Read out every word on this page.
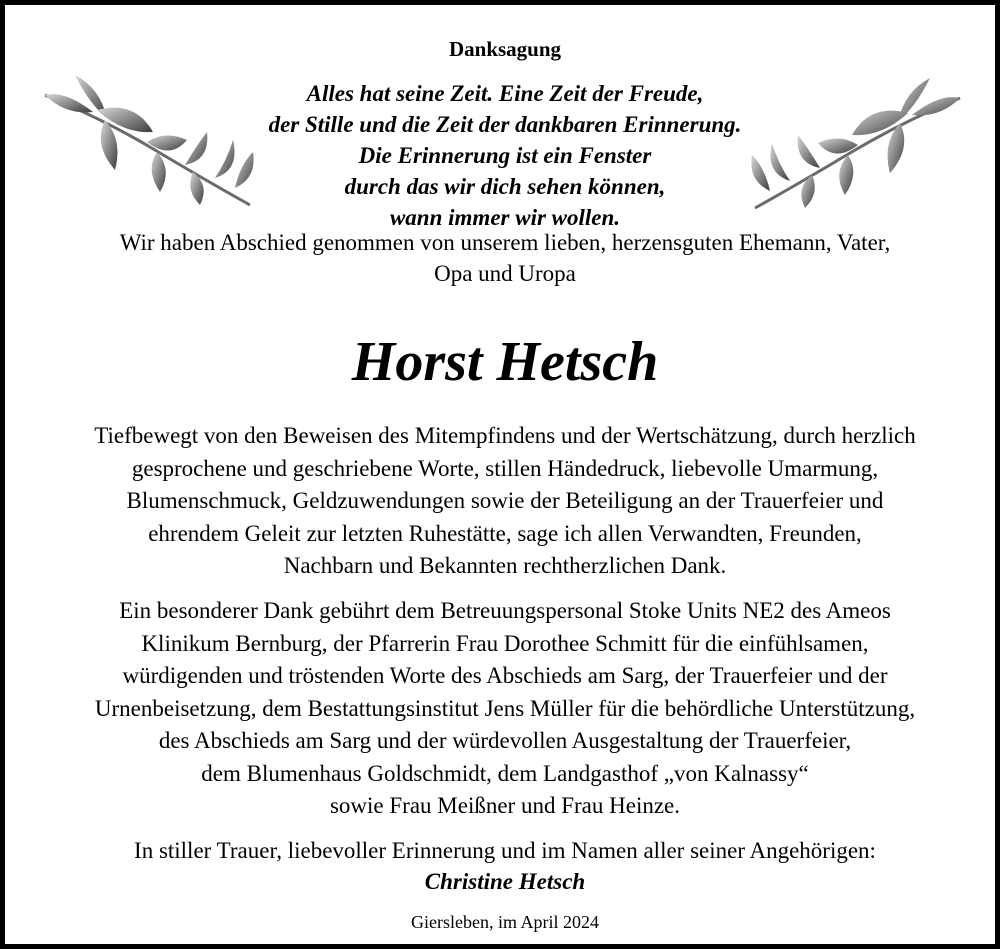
Danksagung
Alles hat seine Zeit. Eine Zeit der Freude,
der Stille und die Zeit der dankbaren Erinnerung.
Die Erinnerung ist ein Fenster
durch das wir dich sehen können,
wann immer wir wollen.
Wir haben Abschied genommen von unserem lieben, herzensguten Ehemann, Vater,
Opa und Uropa
Horst Hetsch
Tiefbewegt von den Beweisen des Mitempfindens und der Wertschätzung, durch herzlich
gesprochene und geschriebene Worte, stillen Händedruck, liebevolle Umarmung,
Blumenschmuck, Geldzuwendungen sowie der Beteiligung an der Trauerfeier und
ehrendem Geleit zur letzten Ruhestätte, sage ich allen Verwandten, Freunden,
Nachbarn und Bekannten rechtherzlichen Dank.
Ein besonderer Dank gebührt dem Betreuungspersonal Stoke Units NE2 des Ameos
Klinikum Bernburg, der Pfarrerin Frau Dorothee Schmitt für die einfühlsamen,
würdigenden und tröstenden Worte des Abschieds am Sarg, der Trauerfeier und der
Urnenbeisetzung, dem Bestattungsinstitut Jens Müller für die behördliche Unterstützung,
des Abschieds am Sarg und der würdevollen Ausgestaltung der Trauerfeier,
dem Blumenhaus Goldschmidt, dem Landgasthof „von Kalnassy“
sowie Frau Meißner und Frau Heinze.
In stiller Trauer, liebevoller Erinnerung und im Namen aller seiner Angehörigen:
Christine Hetsch
Giersleben, im April 2024
